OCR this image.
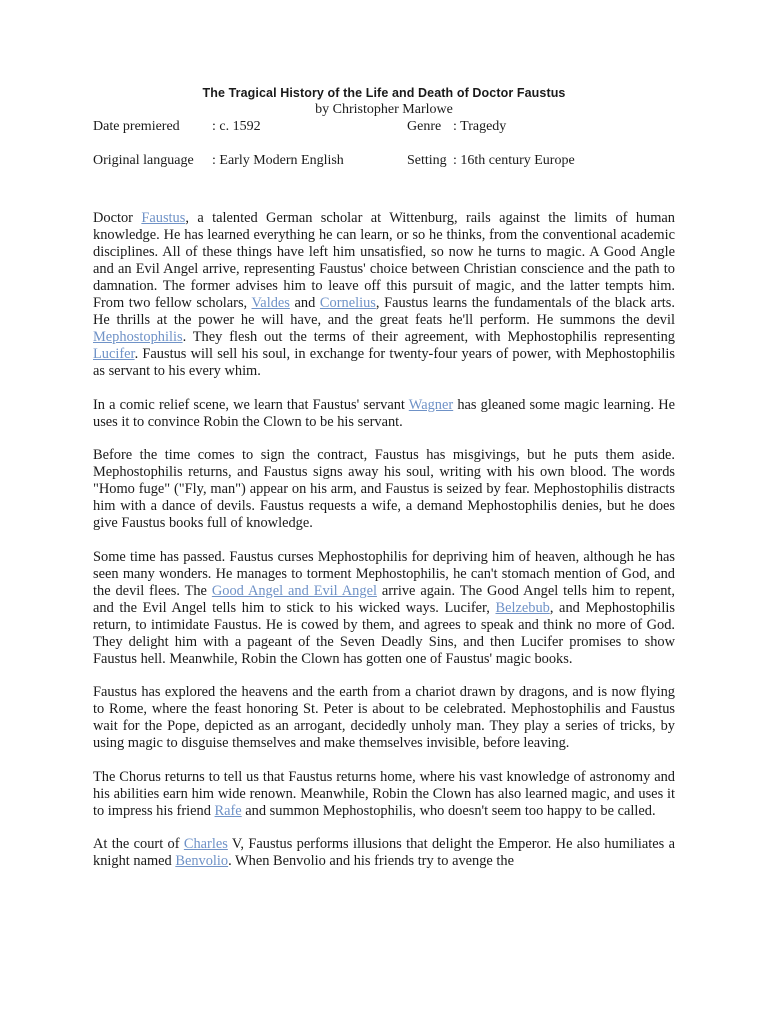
The Tragical History of the Life and Death of Doctor Faustus
by Christopher Marlowe
Date premiered : c. 1592	Genre : Tragedy
Original language : Early Modern English	Setting : 16th century Europe

Doctor Faustus, a talented German scholar at Wittenburg, rails against the limits of human knowledge. He has learned everything he can learn, or so he thinks, from the conventional academic disciplines. All of these things have left him unsatisfied, so now he turns to magic. A Good Angle and an Evil Angel arrive, representing Faustus' choice between Christian conscience and the path to damnation. The former advises him to leave off this pursuit of magic, and the latter tempts him. From two fellow scholars, Valdes and Cornelius, Faustus learns the fundamentals of the black arts. He thrills at the power he will have, and the great feats he'll perform. He summons the devil Mephostophilis. They flesh out the terms of their agreement, with Mephostophilis representing Lucifer. Faustus will sell his soul, in exchange for twenty-four years of power, with Mephostophilis as servant to his every whim.

In a comic relief scene, we learn that Faustus' servant Wagner has gleaned some magic learning. He uses it to convince Robin the Clown to be his servant.

Before the time comes to sign the contract, Faustus has misgivings, but he puts them aside. Mephostophilis returns, and Faustus signs away his soul, writing with his own blood. The words "Homo fuge" ("Fly, man") appear on his arm, and Faustus is seized by fear. Mephostophilis distracts him with a dance of devils. Faustus requests a wife, a demand Mephostophilis denies, but he does give Faustus books full of knowledge.

Some time has passed. Faustus curses Mephostophilis for depriving him of heaven, although he has seen many wonders. He manages to torment Mephostophilis, he can't stomach mention of God, and the devil flees. The Good Angel and Evil Angel arrive again. The Good Angel tells him to repent, and the Evil Angel tells him to stick to his wicked ways. Lucifer, Belzebub, and Mephostophilis return, to intimidate Faustus. He is cowed by them, and agrees to speak and think no more of God. They delight him with a pageant of the Seven Deadly Sins, and then Lucifer promises to show Faustus hell. Meanwhile, Robin the Clown has gotten one of Faustus' magic books.

Faustus has explored the heavens and the earth from a chariot drawn by dragons, and is now flying to Rome, where the feast honoring St. Peter is about to be celebrated. Mephostophilis and Faustus wait for the Pope, depicted as an arrogant, decidedly unholy man. They play a series of tricks, by using magic to disguise themselves and make themselves invisible, before leaving.

The Chorus returns to tell us that Faustus returns home, where his vast knowledge of astronomy and his abilities earn him wide renown. Meanwhile, Robin the Clown has also learned magic, and uses it to impress his friend Rafe and summon Mephostophilis, who doesn't seem too happy to be called.

At the court of Charles V, Faustus performs illusions that delight the Emperor. He also humiliates a knight named Benvolio. When Benvolio and his friends try to avenge the
